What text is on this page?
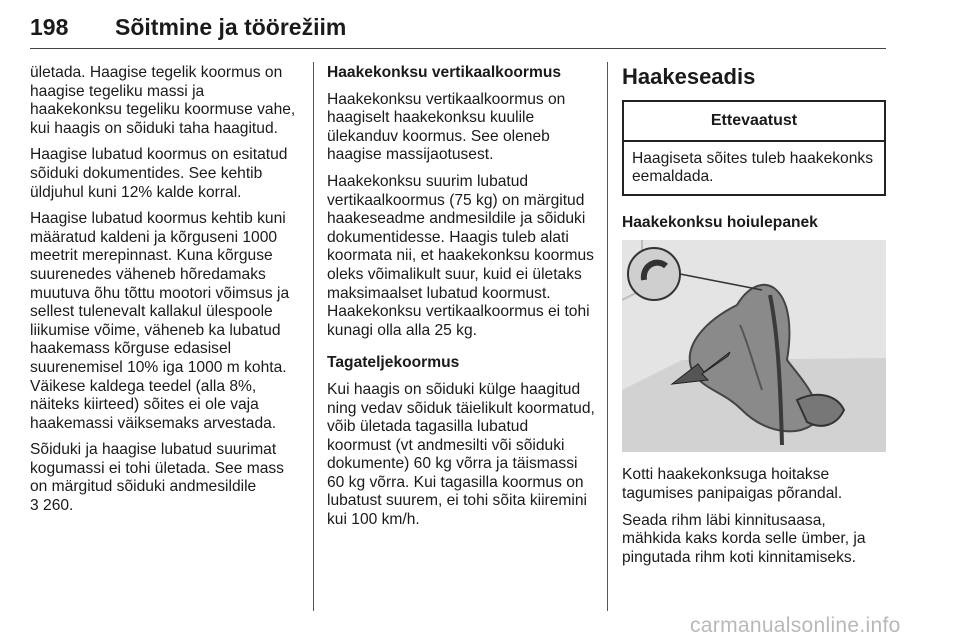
198 Sõitmine ja töörežiim

ületada. Haagise tegelik koormus on haagise tegeliku massi ja haakekonksu tegeliku koormuse vahe, kui haagis on sõiduki taha haagitud.

Haagise lubatud koormus on esitatud sõiduki dokumentides. See kehtib üldjuhul kuni 12% kalde korral.

Haagise lubatud koormus kehtib kuni määratud kaldeni ja kõrguseni 1000 meetrit merepinnast. Kuna kõrguse suurenedes väheneb hõredamaks muutuva õhu tõttu mootori võimsus ja sellest tulenevalt kallakul ülespoole liikumise võime, väheneb ka lubatud haakemass kõrguse edasisel suurenemisel 10% iga 1000 m kohta. Väikese kaldega teedel (alla 8%, näiteks kiirteed) sõites ei ole vaja haakemassi väiksemaks arvestada.

Sõiduki ja haagise lubatud suurimat kogumassi ei tohi ületada. See mass on märgitud sõiduki andmesildile
3 260.

Haakekonksu vertikaalkoormus

Haakekonksu vertikaalkoormus on haagiselt haakekonksu kuulile ülekanduv koormus. See oleneb haagise massijaotusest.

Haakekonksu suurim lubatud vertikaalkoormus (75 kg) on märgitud haakeseadme andmesildile ja sõiduki dokumentidesse. Haagis tuleb alati koormata nii, et haakekonksu koormus oleks võimalikult suur, kuid ei ületaks maksimaalset lubatud koormust. Haakekonksu vertikaalkoormus ei tohi kunagi olla alla 25 kg.

Tagateljekoormus

Kui haagis on sõiduki külge haagitud ning vedav sõiduk täielikult koormatud, võib ületada tagasilla lubatud koormust (vt andmesilti või sõiduki dokumente) 60 kg võrra ja täismassi 60 kg võrra. Kui tagasilla koormus on lubatust suurem, ei tohi sõita kiiremini kui 100 km/h.

Haakeseadis
Ettevaatust
Haagiseta sõites tuleb haakekonks eemaldada.
Haakekonksu hoiulepanek

Kotti haakekonksuga hoitakse tagumises panipaigas põrandal.

Seada rihm läbi kinnitusaasa, mähkida kaks korda selle ümber, ja pingutada rihm koti kinnitamiseks.

carmanualsonline.info
